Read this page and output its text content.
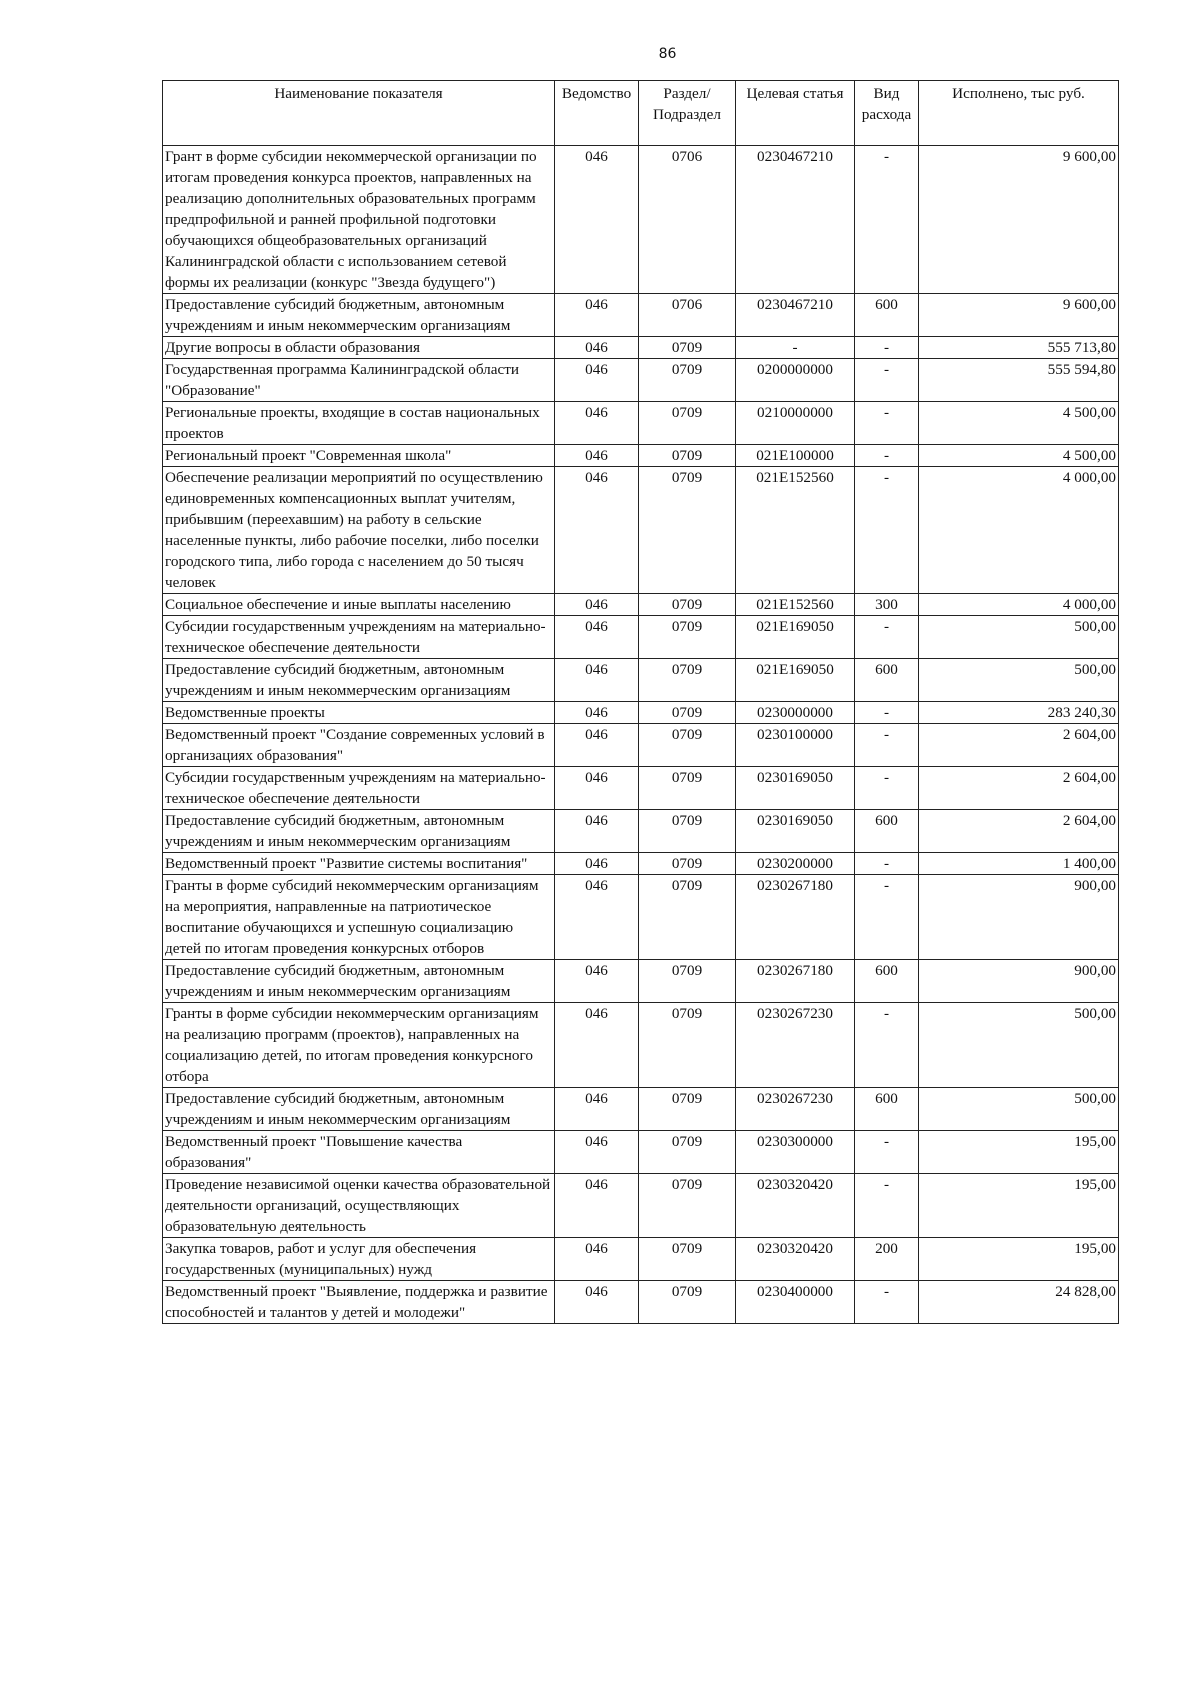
86
Наименование показателя	Ведомство	Раздел/ Подраздел	Целевая статья	Вид расхода	Исполнено, тыс руб.
Грант в форме субсидии некоммерческой организации по итогам проведения конкурса проектов, направленных на реализацию дополнительных образовательных программ предпрофильной и ранней профильной подготовки обучающихся общеобразовательных организаций Калининградской области с использованием сетевой формы их реализации (конкурс "Звезда будущего")	046	0706	0230467210	-	9 600,00
Предоставление субсидий бюджетным, автономным учреждениям и иным некоммерческим организациям	046	0706	0230467210	600	9 600,00
Другие вопросы в области образования	046	0709	-	-	555 713,80
Государственная программа Калининградской области "Образование"	046	0709	0200000000	-	555 594,80
Региональные проекты, входящие в состав национальных проектов	046	0709	0210000000	-	4 500,00
Региональный проект "Современная школа"	046	0709	021E100000	-	4 500,00
Обеспечение реализации мероприятий по осуществлению единовременных компенсационных выплат учителям, прибывшим (переехавшим) на работу в сельские населенные пункты, либо рабочие поселки, либо поселки городского типа, либо города с населением до 50 тысяч человек	046	0709	021E152560	-	4 000,00
Социальное обеспечение и иные выплаты населению	046	0709	021E152560	300	4 000,00
Субсидии государственным учреждениям на материально-техническое обеспечение деятельности	046	0709	021E169050	-	500,00
Предоставление субсидий бюджетным, автономным учреждениям и иным некоммерческим организациям	046	0709	021E169050	600	500,00
Ведомственные проекты	046	0709	0230000000	-	283 240,30
Ведомственный проект "Создание современных условий в организациях образования"	046	0709	0230100000	-	2 604,00
Субсидии государственным учреждениям на материально-техническое обеспечение деятельности	046	0709	0230169050	-	2 604,00
Предоставление субсидий бюджетным, автономным учреждениям и иным некоммерческим организациям	046	0709	0230169050	600	2 604,00
Ведомственный проект "Развитие системы воспитания"	046	0709	0230200000	-	1 400,00
Гранты в форме субсидий некоммерческим организациям на мероприятия, направленные на патриотическое воспитание обучающихся и успешную социализацию детей по итогам проведения конкурсных отборов	046	0709	0230267180	-	900,00
Предоставление субсидий бюджетным, автономным учреждениям и иным некоммерческим организациям	046	0709	0230267180	600	900,00
Гранты в форме субсидии некоммерческим организациям на реализацию программ (проектов), направленных на социализацию детей, по итогам проведения конкурсного отбора	046	0709	0230267230	-	500,00
Предоставление субсидий бюджетным, автономным учреждениям и иным некоммерческим организациям	046	0709	0230267230	600	500,00
Ведомственный проект "Повышение качества образования"	046	0709	0230300000	-	195,00
Проведение независимой оценки качества образовательной деятельности организаций, осуществляющих образовательную деятельность	046	0709	0230320420	-	195,00
Закупка товаров, работ и услуг для обеспечения государственных (муниципальных) нужд	046	0709	0230320420	200	195,00
Ведомственный проект "Выявление, поддержка и развитие способностей и талантов у детей и молодежи"	046	0709	0230400000	-	24 828,00
